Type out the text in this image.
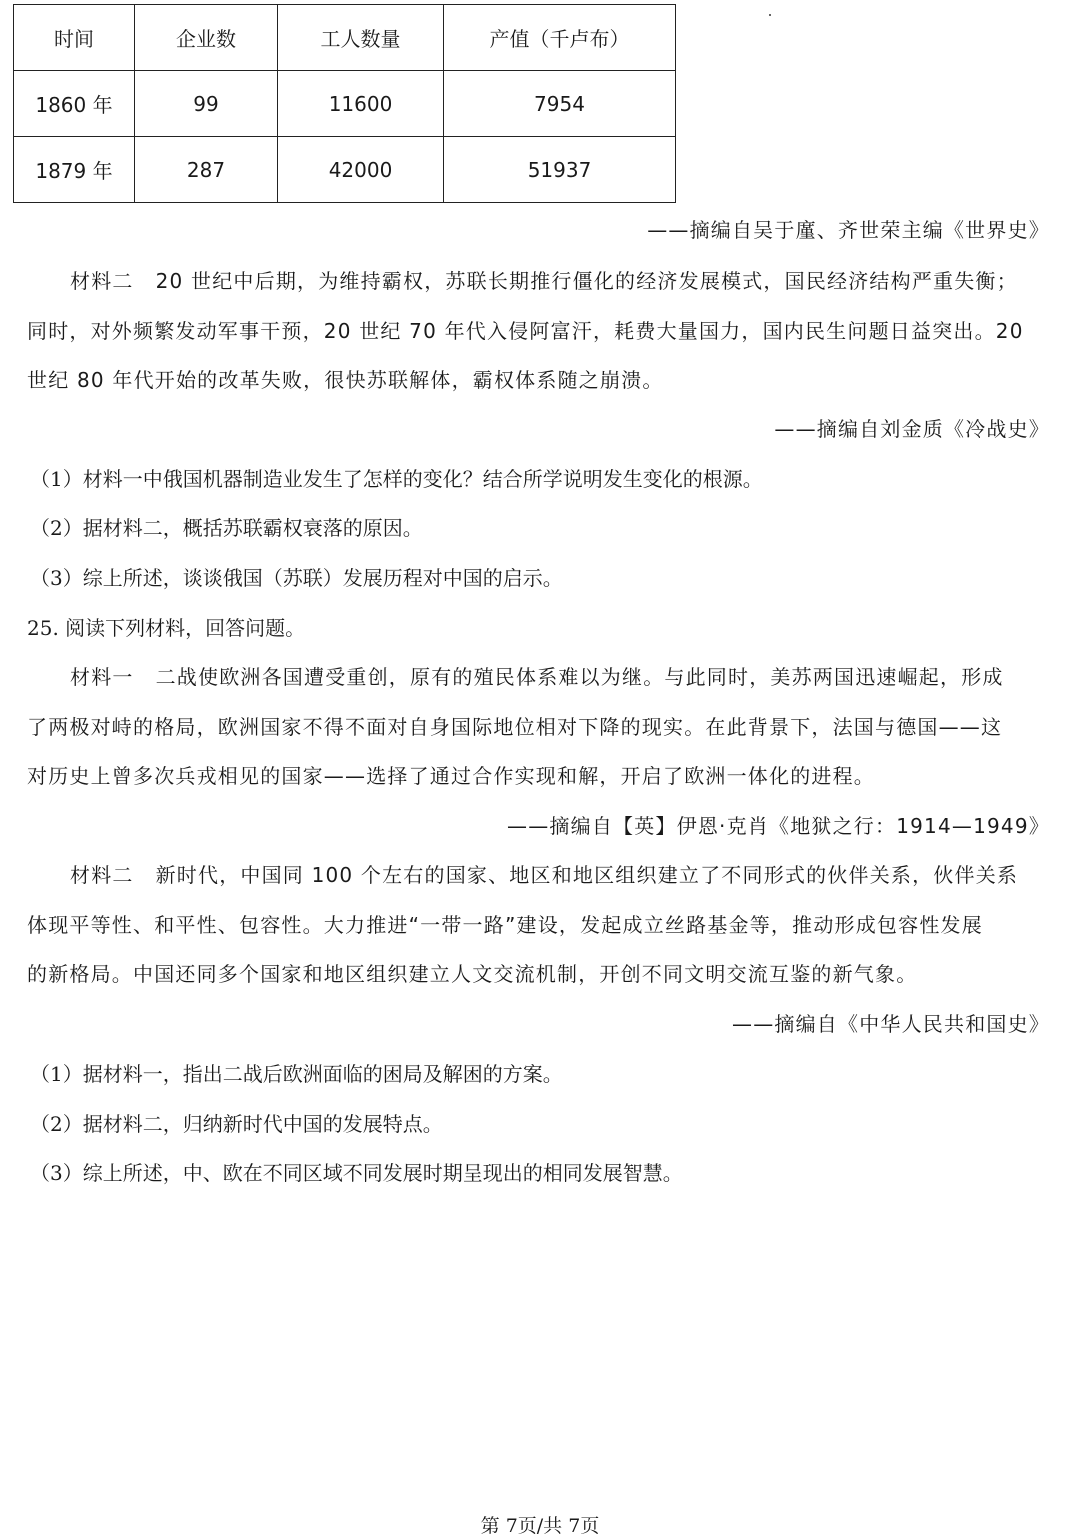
时间	企业数	工人数量	产值（千卢布）
1860 年	99	11600	7954
1879 年	287	42000	51937
——摘编自吴于廑、齐世荣主编《世界史》
材料二 20 世纪中后期，为维持霸权，苏联长期推行僵化的经济发展模式，国民经济结构严重失衡；
同时，对外频繁发动军事干预，20 世纪 70 年代入侵阿富汗，耗费大量国力，国内民生问题日益突出。20
世纪 80 年代开始的改革失败，很快苏联解体，霸权体系随之崩溃。
——摘编自刘金质《冷战史》
（1）材料一中俄国机器制造业发生了怎样的变化？结合所学说明发生变化的根源。
（2）据材料二，概括苏联霸权衰落的原因。
（3）综上所述，谈谈俄国（苏联）发展历程对中国的启示。
25. 阅读下列材料，回答问题。
材料一 二战使欧洲各国遭受重创，原有的殖民体系难以为继。与此同时，美苏两国迅速崛起，形成
了两极对峙的格局，欧洲国家不得不面对自身国际地位相对下降的现实。在此背景下，法国与德国——这
对历史上曾多次兵戎相见的国家——选择了通过合作实现和解，开启了欧洲一体化的进程。
——摘编自【英】伊恩·克肖《地狱之行：1914—1949》
材料二 新时代，中国同 100 个左右的国家、地区和地区组织建立了不同形式的伙伴关系，伙伴关系
体现平等性、和平性、包容性。大力推进“一带一路”建设，发起成立丝路基金等，推动形成包容性发展
的新格局。中国还同多个国家和地区组织建立人文交流机制，开创不同文明交流互鉴的新气象。
——摘编自《中华人民共和国史》
（1）据材料一，指出二战后欧洲面临的困局及解困的方案。
（2）据材料二，归纳新时代中国的发展特点。
（3）综上所述，中、欧在不同区域不同发展时期呈现出的相同发展智慧。
第 7页/共 7页
